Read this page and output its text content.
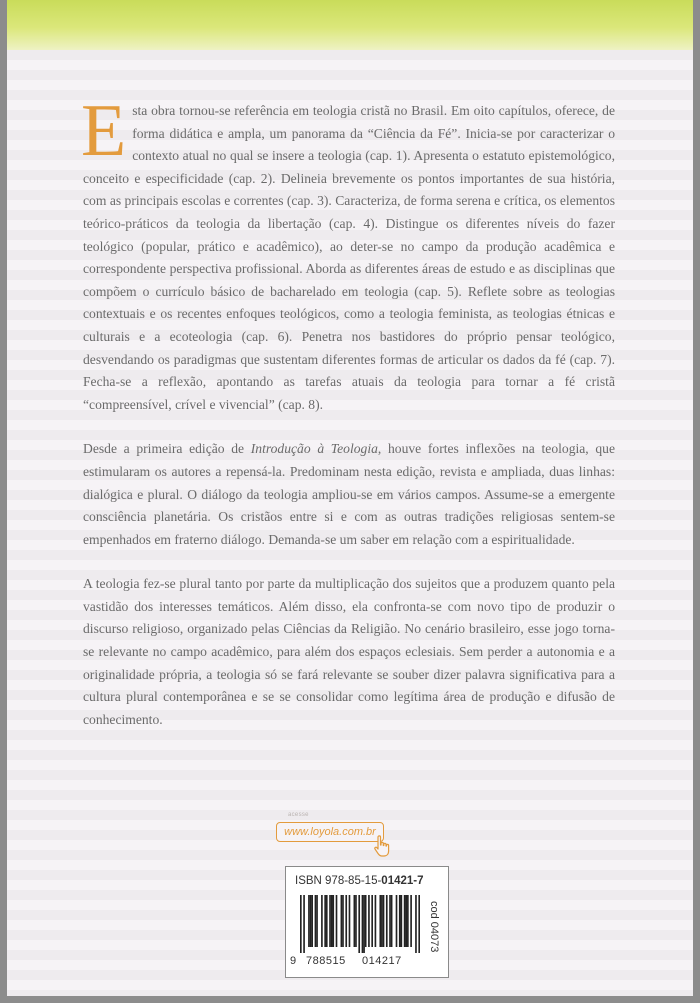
Esta obra tornou-se referência em teologia cristã no Brasil. Em oito capítulos, oferece, de forma didática e ampla, um panorama da “Ciência da Fé”. Inicia-se por caracterizar o contexto atual no qual se insere a teologia (cap. 1). Apresenta o estatuto epistemológico, conceito e especificidade (cap. 2). Delineia brevemente os pontos importantes de sua história, com as principais escolas e correntes (cap. 3). Caracteriza, de forma serena e crítica, os elementos teórico-práticos da teologia da libertação (cap. 4). Distingue os diferentes níveis do fazer teológico (popular, prático e acadêmico), ao deter-se no campo da produção acadêmica e correspondente perspectiva profissional. Aborda as diferentes áreas de estudo e as disciplinas que compõem o currículo básico de bacharelado em teologia (cap. 5). Reflete sobre as teologias contextuais e os recentes enfoques teológicos, como a teologia feminista, as teologias étnicas e culturais e a ecoteologia (cap. 6). Penetra nos bastidores do próprio pensar teológico, desvendando os paradigmas que sustentam diferentes formas de articular os dados da fé (cap. 7). Fecha-se a reflexão, apontando as tarefas atuais da teologia para tornar a fé cristã “compreensível, crível e vivencial” (cap. 8).

Desde a primeira edição de Introdução à Teologia, houve fortes inflexões na teologia, que estimularam os autores a repensá-la. Predominam nesta edição, revista e ampliada, duas linhas: dialógica e plural. O diálogo da teologia ampliou-se em vários campos. Assume-se a emergente consciência planetária. Os cristãos entre si e com as outras tradições religiosas sentem-se empenhados em fraterno diálogo. Demanda-se um saber em relação com a espiritualidade.

A teologia fez-se plural tanto por parte da multiplicação dos sujeitos que a produzem quanto pela vastidão dos interesses temáticos. Além disso, ela confronta-se com novo tipo de produzir o discurso religioso, organizado pelas Ciências da Religião. No cenário brasileiro, esse jogo torna-se relevante no campo acadêmico, para além dos espaços eclesiais. Sem perder a autonomia e a originalidade própria, a teologia só se fará relevante se souber dizer palavra significativa para a cultura plural contemporânea e se se consolidar como legítima área de produção e difusão de conhecimento.

acesse
www.loyola.com.br
ISBN 978-85-15-01421-7
9 788515 014217
cod 04073
